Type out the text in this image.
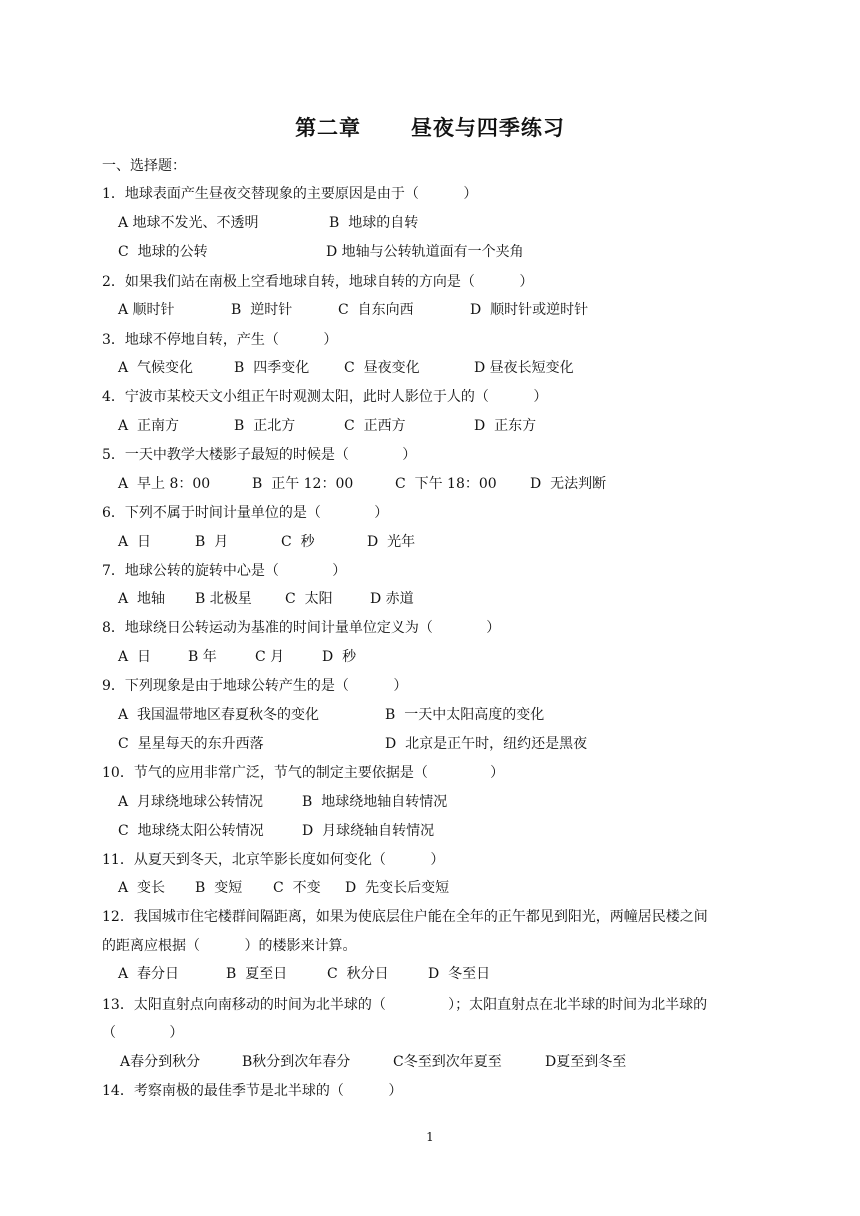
第二章      昼夜与四季练习
一、选择题：
1．地球表面产生昼夜交替现象的主要原因是由于（          ）
A 地球不发光、不透明	B  地球的自转
C  地球的公转	D 地轴与公转轨道面有一个夹角
2．如果我们站在南极上空看地球自转，地球自转的方向是（          ）
A 顺时针	B  逆时针	C  自东向西	D  顺时针或逆时针
3．地球不停地自转，产生（          ）
A  气候变化	B  四季变化 C  昼夜变化	D 昼夜长短变化
4．宁波市某校天文小组正午时观测太阳，此时人影位于人的（          ）
A  正南方	B  正北方	C  正西方	D  正东方
5．一天中教学大楼影子最短的时候是（            ）
A  早上 8：00	B  正午 12：00	C  下午 18：00 D  无法判断
6．下列不属于时间计量单位的是（            ）
A  日	B  月	C  秒	D  光年
7．地球公转的旋转中心是（            ）
A  地轴 B 北极星 C  太阳	D 赤道
8．地球绕日公转运动为基准的时间计量单位定义为（            ）
A  日	B 年	C 月	D  秒
9．下列现象是由于地球公转产生的是（          ）
A  我国温带地区春夏秋冬的变化	B  一天中太阳高度的变化
C  星星每天的东升西落	D  北京是正午时，纽约还是黑夜
10．节气的应用非常广泛，节气的制定主要依据是（              ）
A  月球绕地球公转情况	B  地球绕地轴自转情况
C  地球绕太阳公转情况	D  月球绕轴自转情况
11．从夏天到冬天，北京竿影长度如何变化（          ）
A  变长 B  变短 C  不变 D  先变长后变短
12．我国城市住宅楼群间隔距离，如果为使底层住户能在全年的正午都见到阳光，两幢居民楼之间
的距离应根据（          ）的楼影来计算。
A  春分日	B  夏至日	C  秋分日	D  冬至日
13．太阳直射点向南移动的时间为北半球的（              ）；太阳直射点在北半球的时间为北半球的
（            ）
A春分到秋分	B秋分到次年春分	C冬至到次年夏至	D夏至到冬至
14．考察南极的最佳季节是北半球的（          ）
1
